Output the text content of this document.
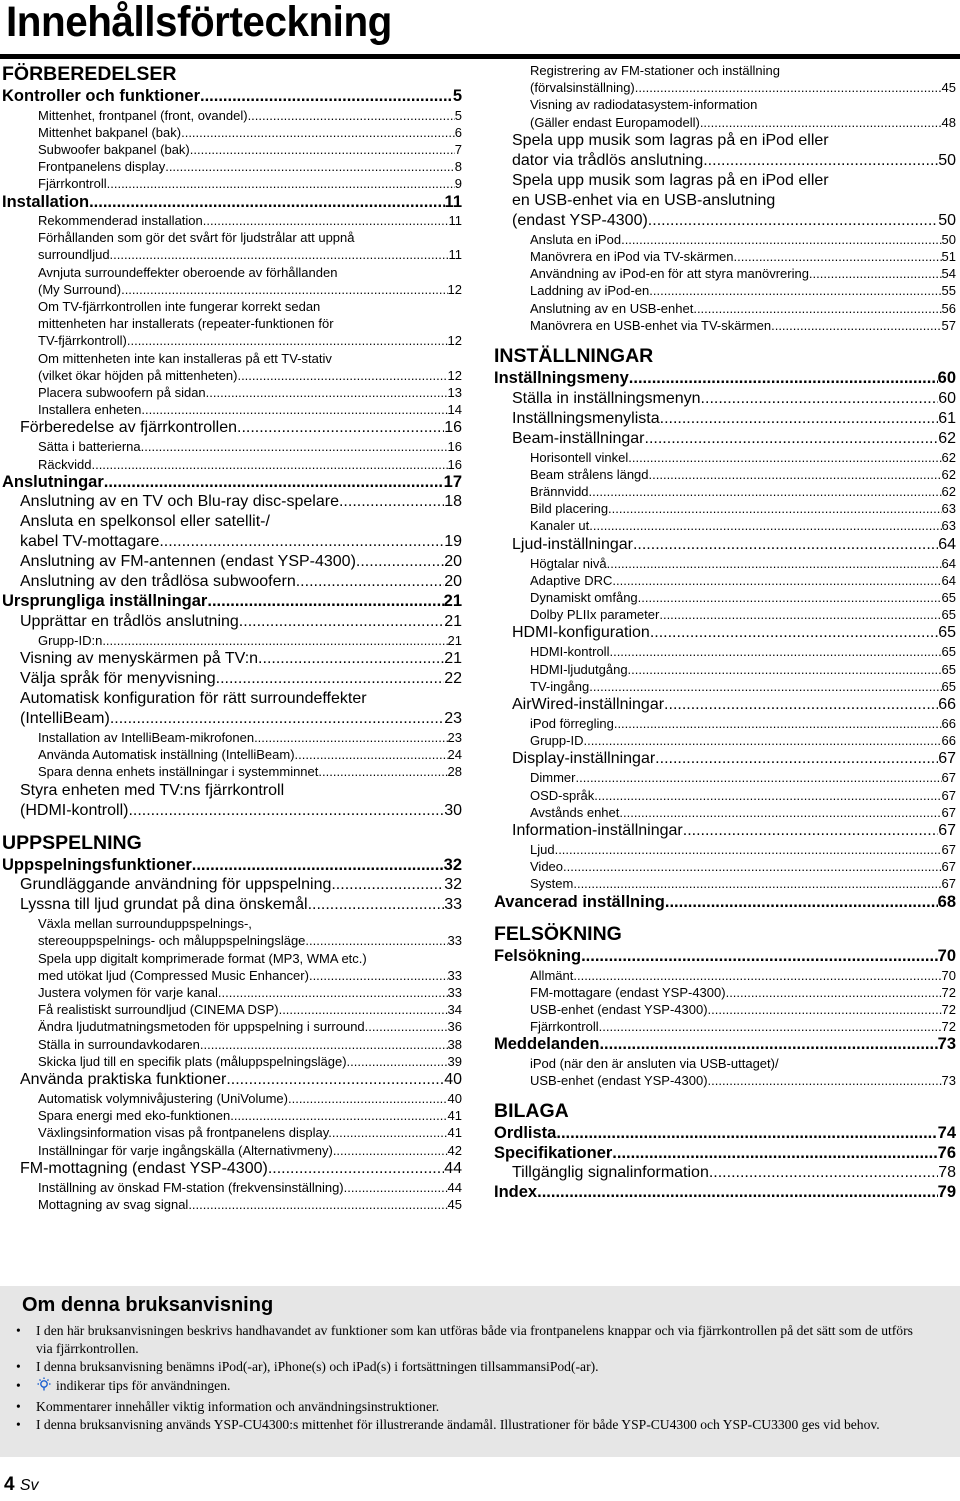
Innehållsförteckning
FÖRBEREDELSER
Kontroller och funktioner .....	5
Mittenhet, frontpanel (front, ovandel) .....	5
Mittenhet bakpanel (bak) .....	6
Subwoofer bakpanel (bak) .....	7
Frontpanelens display .....	8
Fjärrkontroll .....	9
Installation .....	11
Rekommenderad installation .....	11
Förhållanden som gör det svårt för ljudstrålar att uppnå
surroundljud .....	11
Avnjuta surroundeffekter oberoende av förhållanden
(My Surround) .....	12
Om TV-fjärrkontrollen inte fungerar korrekt sedan
mittenheten har installerats (repeater-funktionen för
TV-fjärrkontroll) .....	12
Om mittenheten inte kan installeras på ett TV-stativ
(vilket ökar höjden på mittenheten) .....	12
Placera subwoofern på sidan .....	13
Installera enheten .....	14
Förberedelse av fjärrkontrollen .....	16
Sätta i batterierna .....	16
Räckvidd .....	16
Anslutningar .....	17
Anslutning av en TV och Blu-ray disc-spelare .....	18
Ansluta en spelkonsol eller satellit-/
kabel TV-mottagare .....	19
Anslutning av FM-antennen (endast YSP-4300) .....	20
Anslutning av den trådlösa subwoofern .....	20
Ursprungliga inställningar .....	21
Upprättar en trådlös anslutning .....	21
Grupp-ID:n .....	21
Visning av menyskärmen på TV:n .....	21
Välja språk för menyvisning .....	22
Automatisk konfiguration för rätt surroundeffekter
(IntelliBeam) .....	23
Installation av IntelliBeam-mikrofonen .....	23
Använda Automatisk inställning (IntelliBeam) .....	24
Spara denna enhets inställningar i systemminnet .....	28
Styra enheten med TV:ns fjärrkontroll
(HDMI-kontroll) .....	30
UPPSPELNING
Uppspelningsfunktioner .....	32
Grundläggande användning för uppspelning .....	32
Lyssna till ljud grundat på dina önskemål .....	33
Växla mellan surrounduppspelnings-,
stereouppspelnings- och måluppspelningsläge .....	33
Spela upp digitalt komprimerade format (MP3, WMA etc.)
med utökat ljud (Compressed Music Enhancer) .....	33
Justera volymen för varje kanal .....	33
Få realistiskt surroundljud (CINEMA DSP) .....	34
Ändra ljudutmatningsmetoden för uppspelning i surround. .....	36
Ställa in surroundavkodaren .....	38
Skicka ljud till en specifik plats (måluppspelningsläge) .....	39
Använda praktiska funktioner .....	40
Automatisk volymnivåjustering (UniVolume) .....	40
Spara energi med eko-funktionen .....	41
Växlingsinformation visas på frontpanelens display. .....	41
Inställningar för varje ingångskälla (Alternativmeny) .....	42
FM-mottagning (endast YSP-4300) .....	44
Inställning av önskad FM-station (frekvensinställning) .....	44
Mottagning av svag signal .....	45
Registrering av FM-stationer och inställning
(förvalsinställning) .....	45
Visning av radiodatasystem-information
(Gäller endast Europamodell) .....	48
Spela upp musik som lagras på en iPod eller
dator via trådlös anslutning .....	50
Spela upp musik som lagras på en iPod eller
en USB-enhet via en USB-anslutning
(endast YSP-4300) .....	50
Ansluta en iPod .....	50
Manövrera en iPod via TV-skärmen .....	51
Användning av iPod-en för att styra manövrering. .....	54
Laddning av iPod-en .....	55
Anslutning av en USB-enhet .....	56
Manövrera en USB-enhet via TV-skärmen .....	57
INSTÄLLNINGAR
Inställningsmeny .....	60
Ställa in inställningsmenyn. .....	60
Inställningsmenylista .....	61
Beam-inställningar .....	62
Horisontell vinkel .....	62
Beam strålens längd .....	62
Brännvidd .....	62
Bild placering .....	63
Kanaler ut .....	63
Ljud-inställningar .....	64
Högtalar nivå .....	64
Adaptive DRC .....	64
Dynamiskt omfång .....	65
Dolby PLIIx parameter .....	65
HDMI-konfiguration .....	65
HDMI-kontroll .....	65
HDMI-ljudutgång .....	65
TV-ingång .....	65
AirWired-inställningar .....	66
iPod förregling .....	66
Grupp-ID .....	66
Display-inställningar .....	67
Dimmer .....	67
OSD-språk .....	67
Avstånds enhet .....	67
Information-inställningar .....	67
Ljud .....	67
Video .....	67
System .....	67
Avancerad inställning .....	68
FELSÖKNING
Felsökning .....	70
Allmänt .....	70
FM-mottagare (endast YSP-4300) .....	72
USB-enhet (endast YSP-4300) .....	72
Fjärrkontroll .....	72
Meddelanden .....	73
iPod (när den är ansluten via USB-uttaget)/
USB-enhet (endast YSP-4300) .....	73
BILAGA
Ordlista .....	74
Specifikationer .....	76
Tillgänglig signalinformation .....	78
Index .....	79
Om denna bruksanvisning
• I den här bruksanvisningen beskrivs handhavandet av funktioner som kan utföras både via frontpanelens knappar och via fjärrkontrollen på det sätt som de utförs via fjärrkontrollen.
• I denna bruksanvisning benämns iPod(-ar), iPhone(s) och iPad(s) i fortsättningen tillsammansiPod(-ar).
•	indikerar tips för användningen.
• Kommentarer innehåller viktig information och användningsinstruktioner.
• I denna bruksanvisning används YSP-CU4300:s mittenhet för illustrerande ändamål. Illustrationer för både YSP-CU4300 och YSP-CU3300 ges vid behov.
4 Sv
